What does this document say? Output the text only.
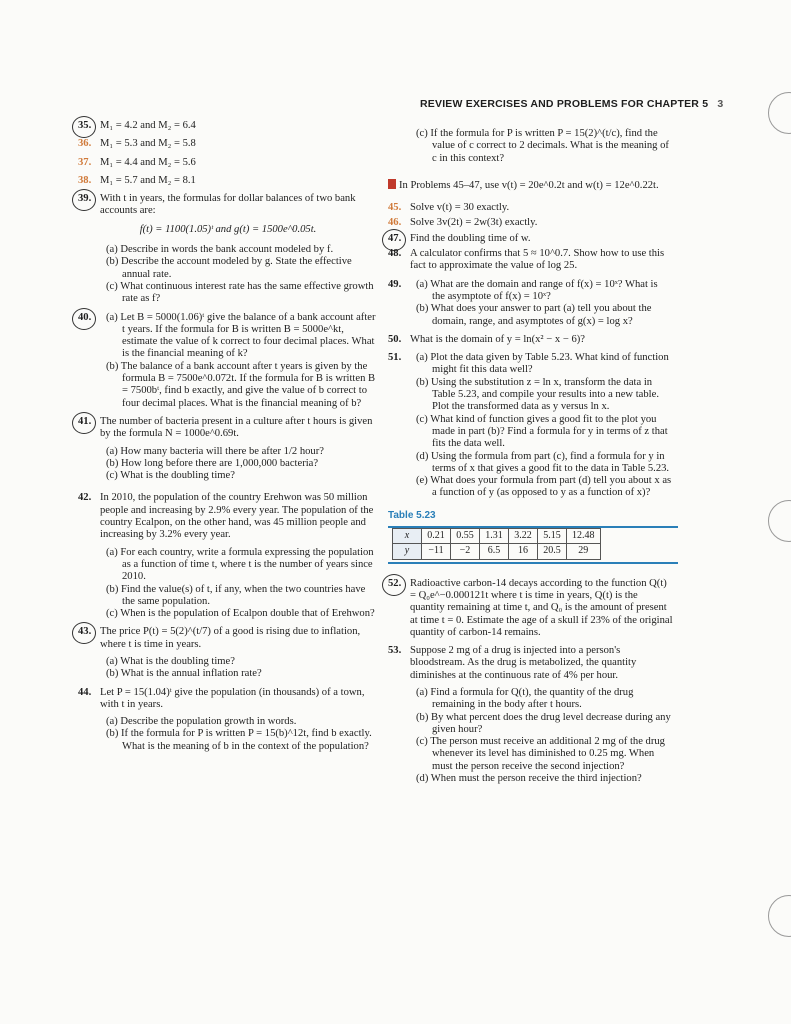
REVIEW EXERCISES AND PROBLEMS FOR CHAPTER 5 3
35. M₁ = 4.2 and M₂ = 6.4
36. M₁ = 5.3 and M₂ = 5.8
37. M₁ = 4.4 and M₂ = 5.6
38. M₁ = 5.7 and M₂ = 8.1
39. With t in years, the formulas for dollar balances of two bank accounts are:
f(t) = 1100(1.05)ᵗ and g(t) = 1500e^0.05t.

(a) Describe in words the bank account modeled by f.

(b) Describe the account modeled by g. State the effective annual rate.

(c) What continuous interest rate has the same effective growth rate as f?

40.	(a) Let B = 5000(1.06)ᵗ give the balance of a bank account after t years. If the formula for B is written B = 5000e^kt, estimate the value of k correct to four decimal places. What is the financial meaning of k?

(b) The balance of a bank account after t years is given by the formula B = 7500e^0.072t. If the formula for B is written B = 7500bᵗ, find b exactly, and give the value of b correct to four decimal places. What is the financial meaning of b?

41. The number of bacteria present in a culture after t hours is given by the formula N = 1000e^0.69t.

(a) How many bacteria will there be after 1/2 hour?

(b) How long before there are 1,000,000 bacteria?

(c) What is the doubling time?

42. In 2010, the population of the country Erehwon was 50 million people and increasing by 2.9% every year. The population of the country Ecalpon, on the other hand, was 45 million people and increasing by 3.2% every year.

(a) For each country, write a formula expressing the population as a function of time t, where t is the number of years since 2010.

(b) Find the value(s) of t, if any, when the two countries have the same population.

(c) When is the population of Ecalpon double that of Erehwon?

43. The price P(t) = 5(2)^(t/7) of a good is rising due to inflation, where t is time in years.

(a) What is the doubling time?

(b) What is the annual inflation rate?

44. Let P = 15(1.04)ᵗ give the population (in thousands) of a town, with t in years.

(a) Describe the population growth in words.

(b) If the formula for P is written P = 15(b)^12t, find b exactly. What is the meaning of b in the context of the population?

(c) If the formula for P is written P = 15(2)^(t/c), find the value of c correct to 2 decimals. What is the meaning of c in this context?

In Problems 45–47, use v(t) = 20e^0.2t and w(t) = 12e^0.22t.
45. Solve v(t) = 30 exactly.
46. Solve 3v(2t) = 2w(3t) exactly.
47. Find the doubling time of w.
48. A calculator confirms that 5 ≈ 10^0.7. Show how to use this fact to approximate the value of log 25.
49.	(a) What are the domain and range of f(x) = 10ˣ? What is the asymptote of f(x) = 10ˣ?

(b) What does your answer to part (a) tell you about the domain, range, and asymptotes of g(x) = log x?

50. What is the domain of y = ln(x² − x − 6)?
51.	(a) Plot the data given by Table 5.23. What kind of function might fit this data well?

(b) Using the substitution z = ln x, transform the data in Table 5.23, and compile your results into a new table. Plot the transformed data as y versus ln x.

(c) What kind of function gives a good fit to the plot you made in part (b)? Find a formula for y in terms of z that fits the data well.

(d) Using the formula from part (c), find a formula for y in terms of x that gives a good fit to the data in Table 5.23.

(e) What does your formula from part (d) tell you about x as a function of y (as opposed to y as a function of x)?

Table 5.23
x	0.21	0.55	1.31	3.22	5.15	12.48
y	−11	−2	6.5	16	20.5	29
52. Radioactive carbon-14 decays according to the function Q(t) = Q₀e^−0.000121t where t is time in years, Q(t) is the quantity remaining at time t, and Q₀ is the amount of present at time t = 0. Estimate the age of a skull if 23% of the original quantity of carbon-14 remains.
53. Suppose 2 mg of a drug is injected into a person's bloodstream. As the drug is metabolized, the quantity diminishes at the continuous rate of 4% per hour.

(a) Find a formula for Q(t), the quantity of the drug remaining in the body after t hours.

(b) By what percent does the drug level decrease during any given hour?

(c) The person must receive an additional 2 mg of the drug whenever its level has diminished to 0.25 mg. When must the person receive the second injection?

(d) When must the person receive the third injection?
